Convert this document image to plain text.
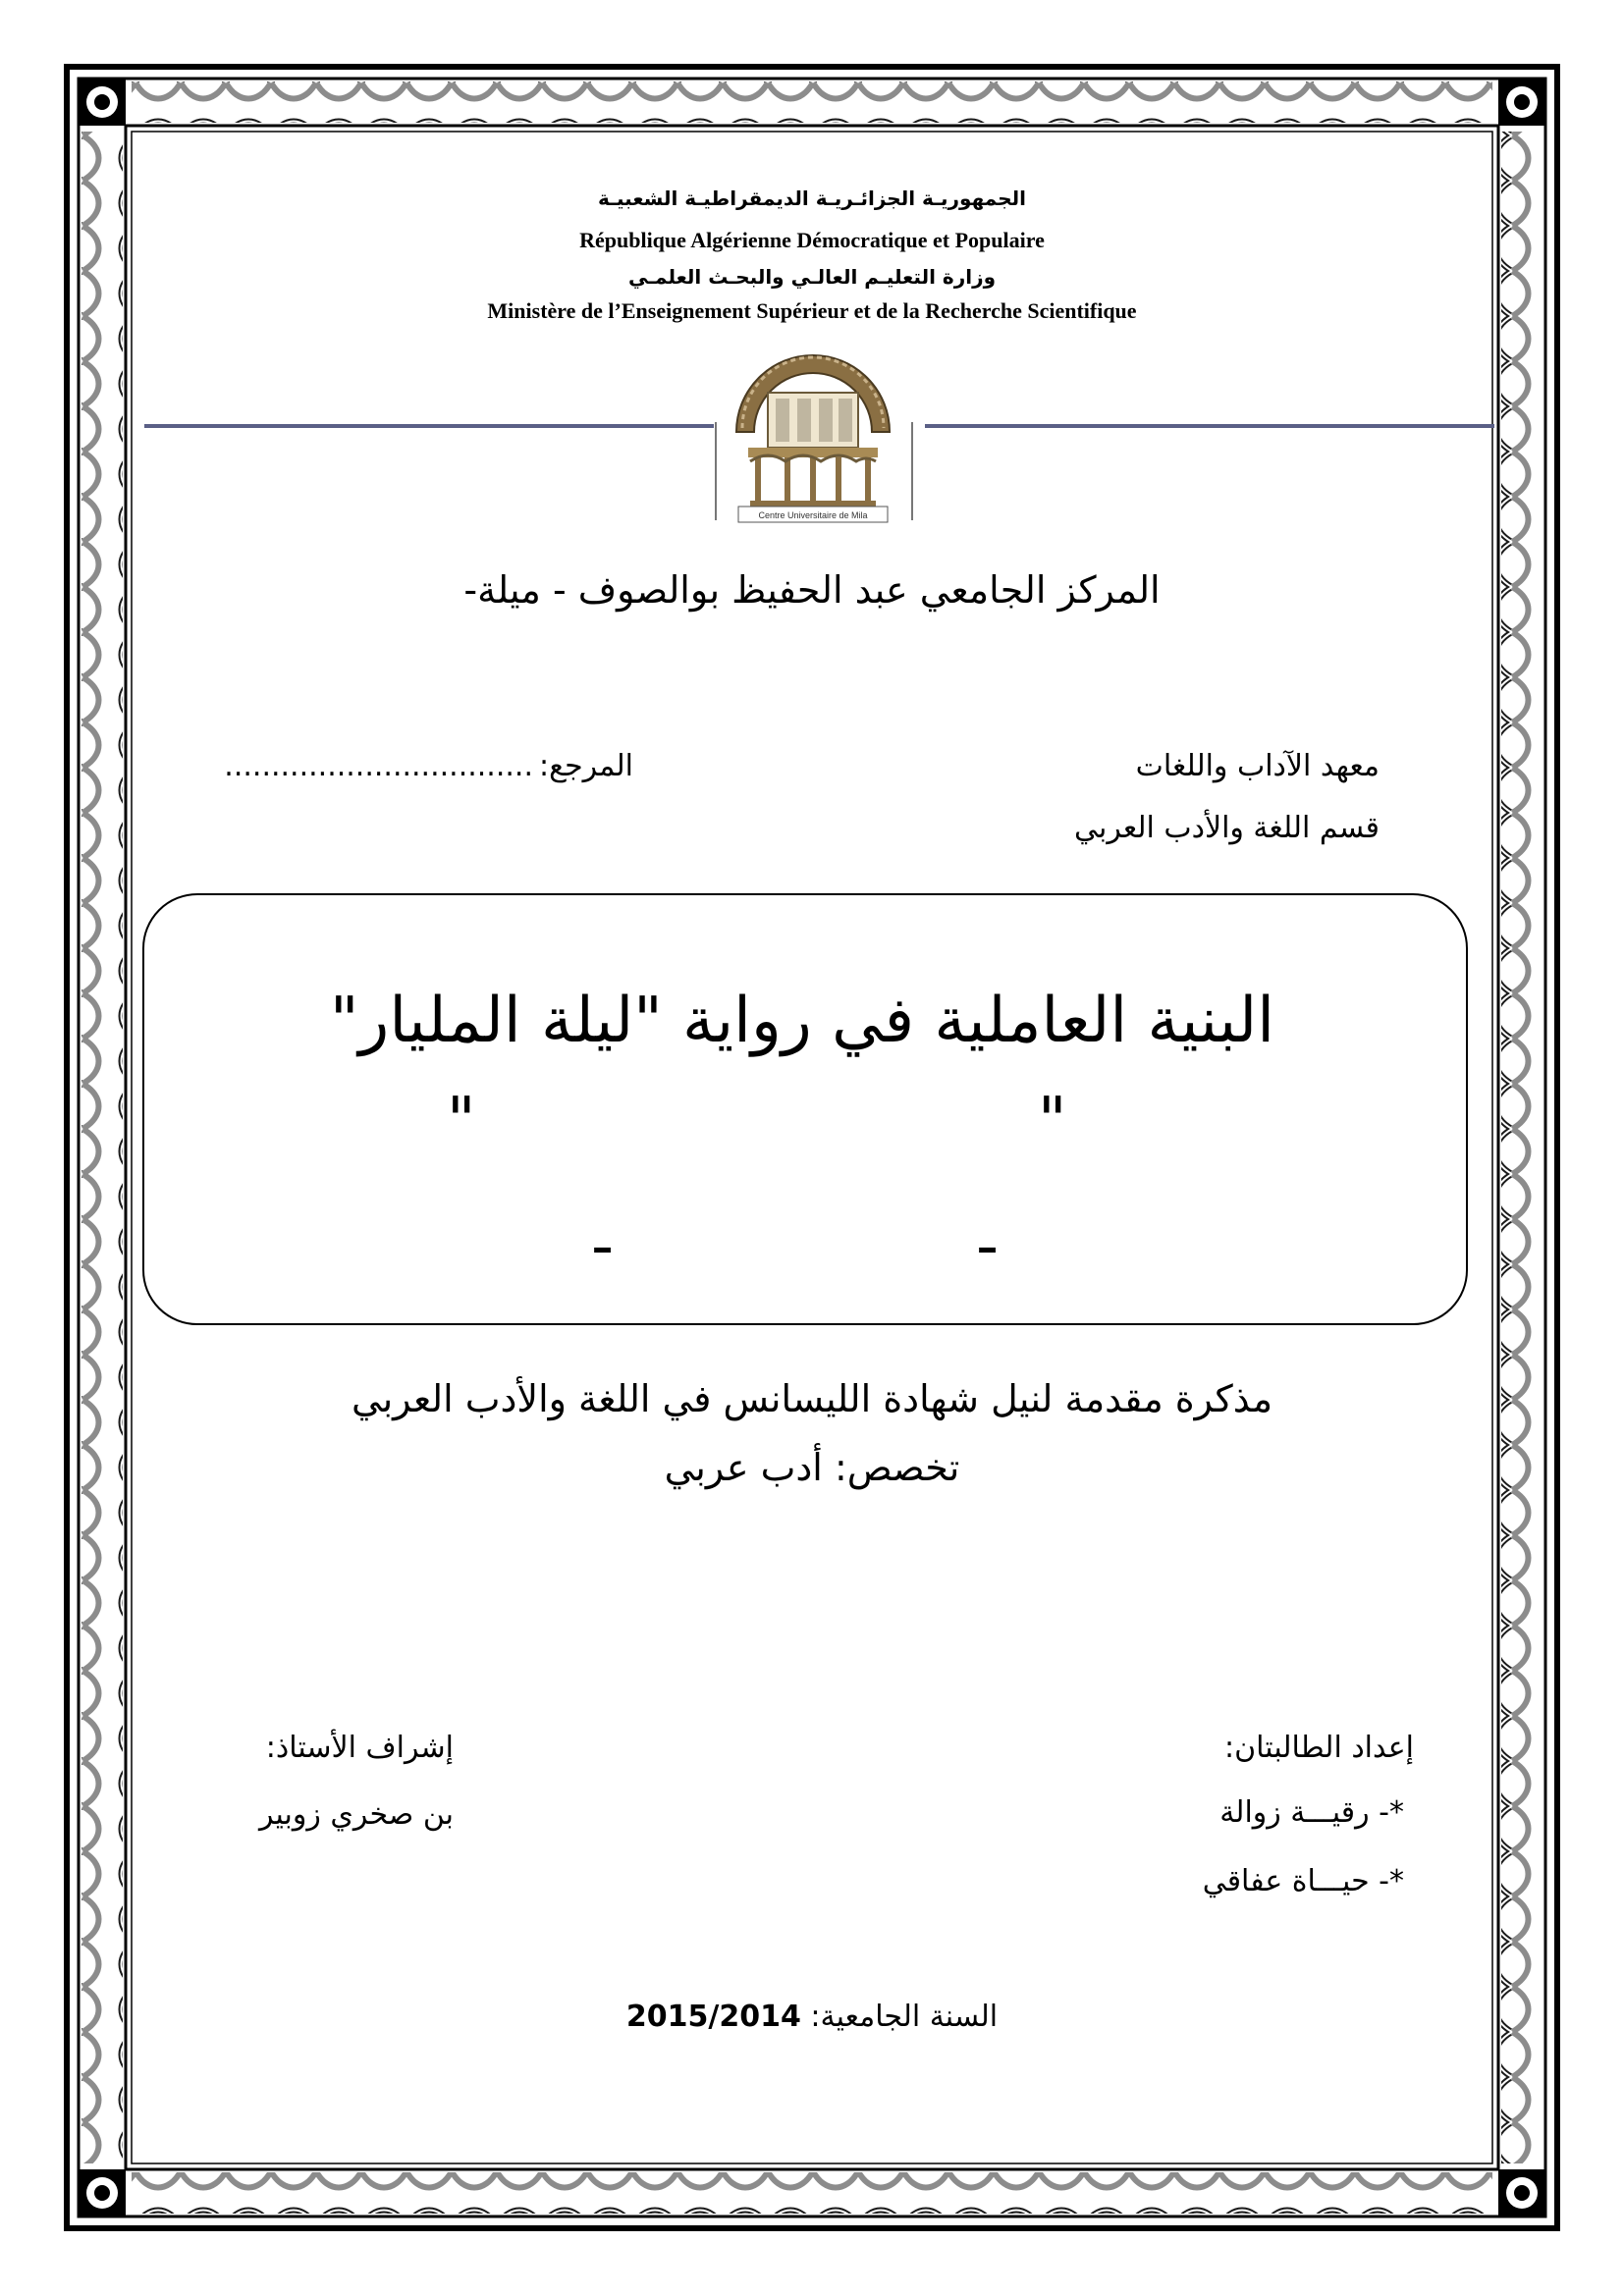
الجمهوريـة الجزائـريـة الديمقراطيـة الشعبيـة
République Algérienne Démocratique et Populaire
وزارة التعليـم العالـي والبحـث العلمـي
Ministère de l’Enseignement Supérieur et de la Recherche Scientifique
Centre Universitaire de Mila
المركز الجامعي عبد الحفيظ بوالصوف - ميلة-
معهد الآداب واللغات
قسم اللغة والأدب العربي
المرجع:
.................................
البنية العاملية في رواية "ليلة المليار"
"
"
-
-
مذكرة مقدمة لنيل شهادة الليسانس في اللغة والأدب العربي
تخصص: أدب عربي
إعداد الطالبتان:
*- رقيـــة زوالة
*- حيـــاة عفاقي
إشراف الأستاذ:
بن صخري زوبير
السنة الجامعية: 2015/2014
